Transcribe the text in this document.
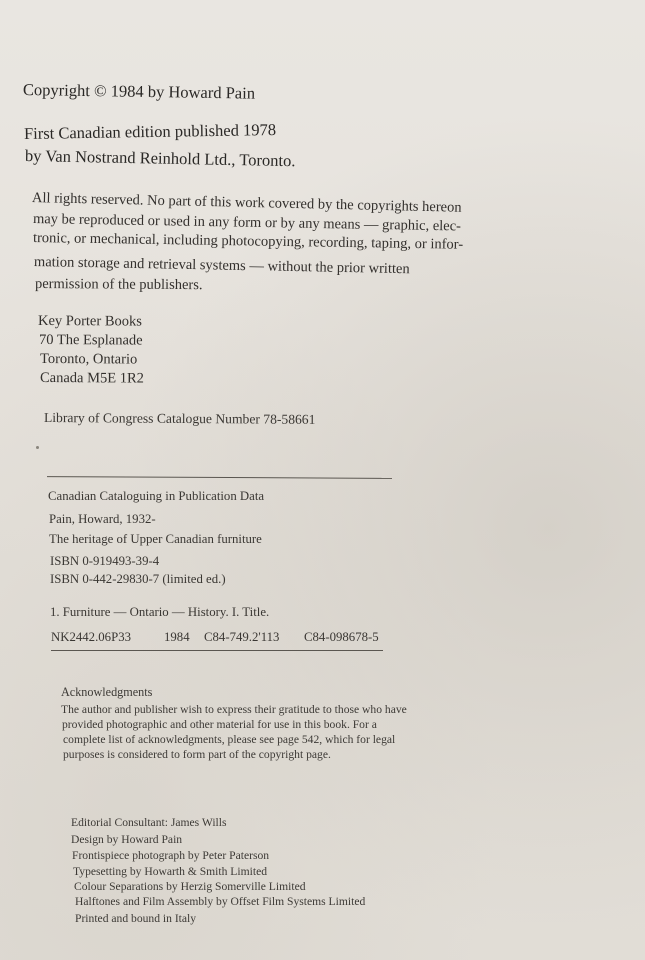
Copyright © 1984 by Howard Pain
First Canadian edition published 1978
by Van Nostrand Reinhold Ltd., Toronto.
All rights reserved. No part of this work covered by the copyrights hereon
may be reproduced or used in any form or by any means — graphic, elec-
tronic, or mechanical, including photocopying, recording, taping, or infor-
mation storage and retrieval systems — without the prior written
permission of the publishers.
Key Porter Books
70 The Esplanade
Toronto, Ontario
Canada M5E 1R2
Library of Congress Catalogue Number 78-58661
Canadian Cataloguing in Publication Data
Pain, Howard, 1932-
The heritage of Upper Canadian furniture
ISBN 0-919493-39-4
ISBN 0-442-29830-7 (limited ed.)
1. Furniture — Ontario — History. I. Title.
NK2442.06P33	1984 C84-749.2'113 C84-098678-5
Acknowledgments
The author and publisher wish to express their gratitude to those who have
provided photographic and other material for use in this book. For a
complete list of acknowledgments, please see page 542, which for legal
purposes is considered to form part of the copyright page.
Editorial Consultant: James Wills
Design by Howard Pain
Frontispiece photograph by Peter Paterson
Typesetting by Howarth & Smith Limited
Colour Separations by Herzig Somerville Limited
Halftones and Film Assembly by Offset Film Systems Limited
Printed and bound in Italy
